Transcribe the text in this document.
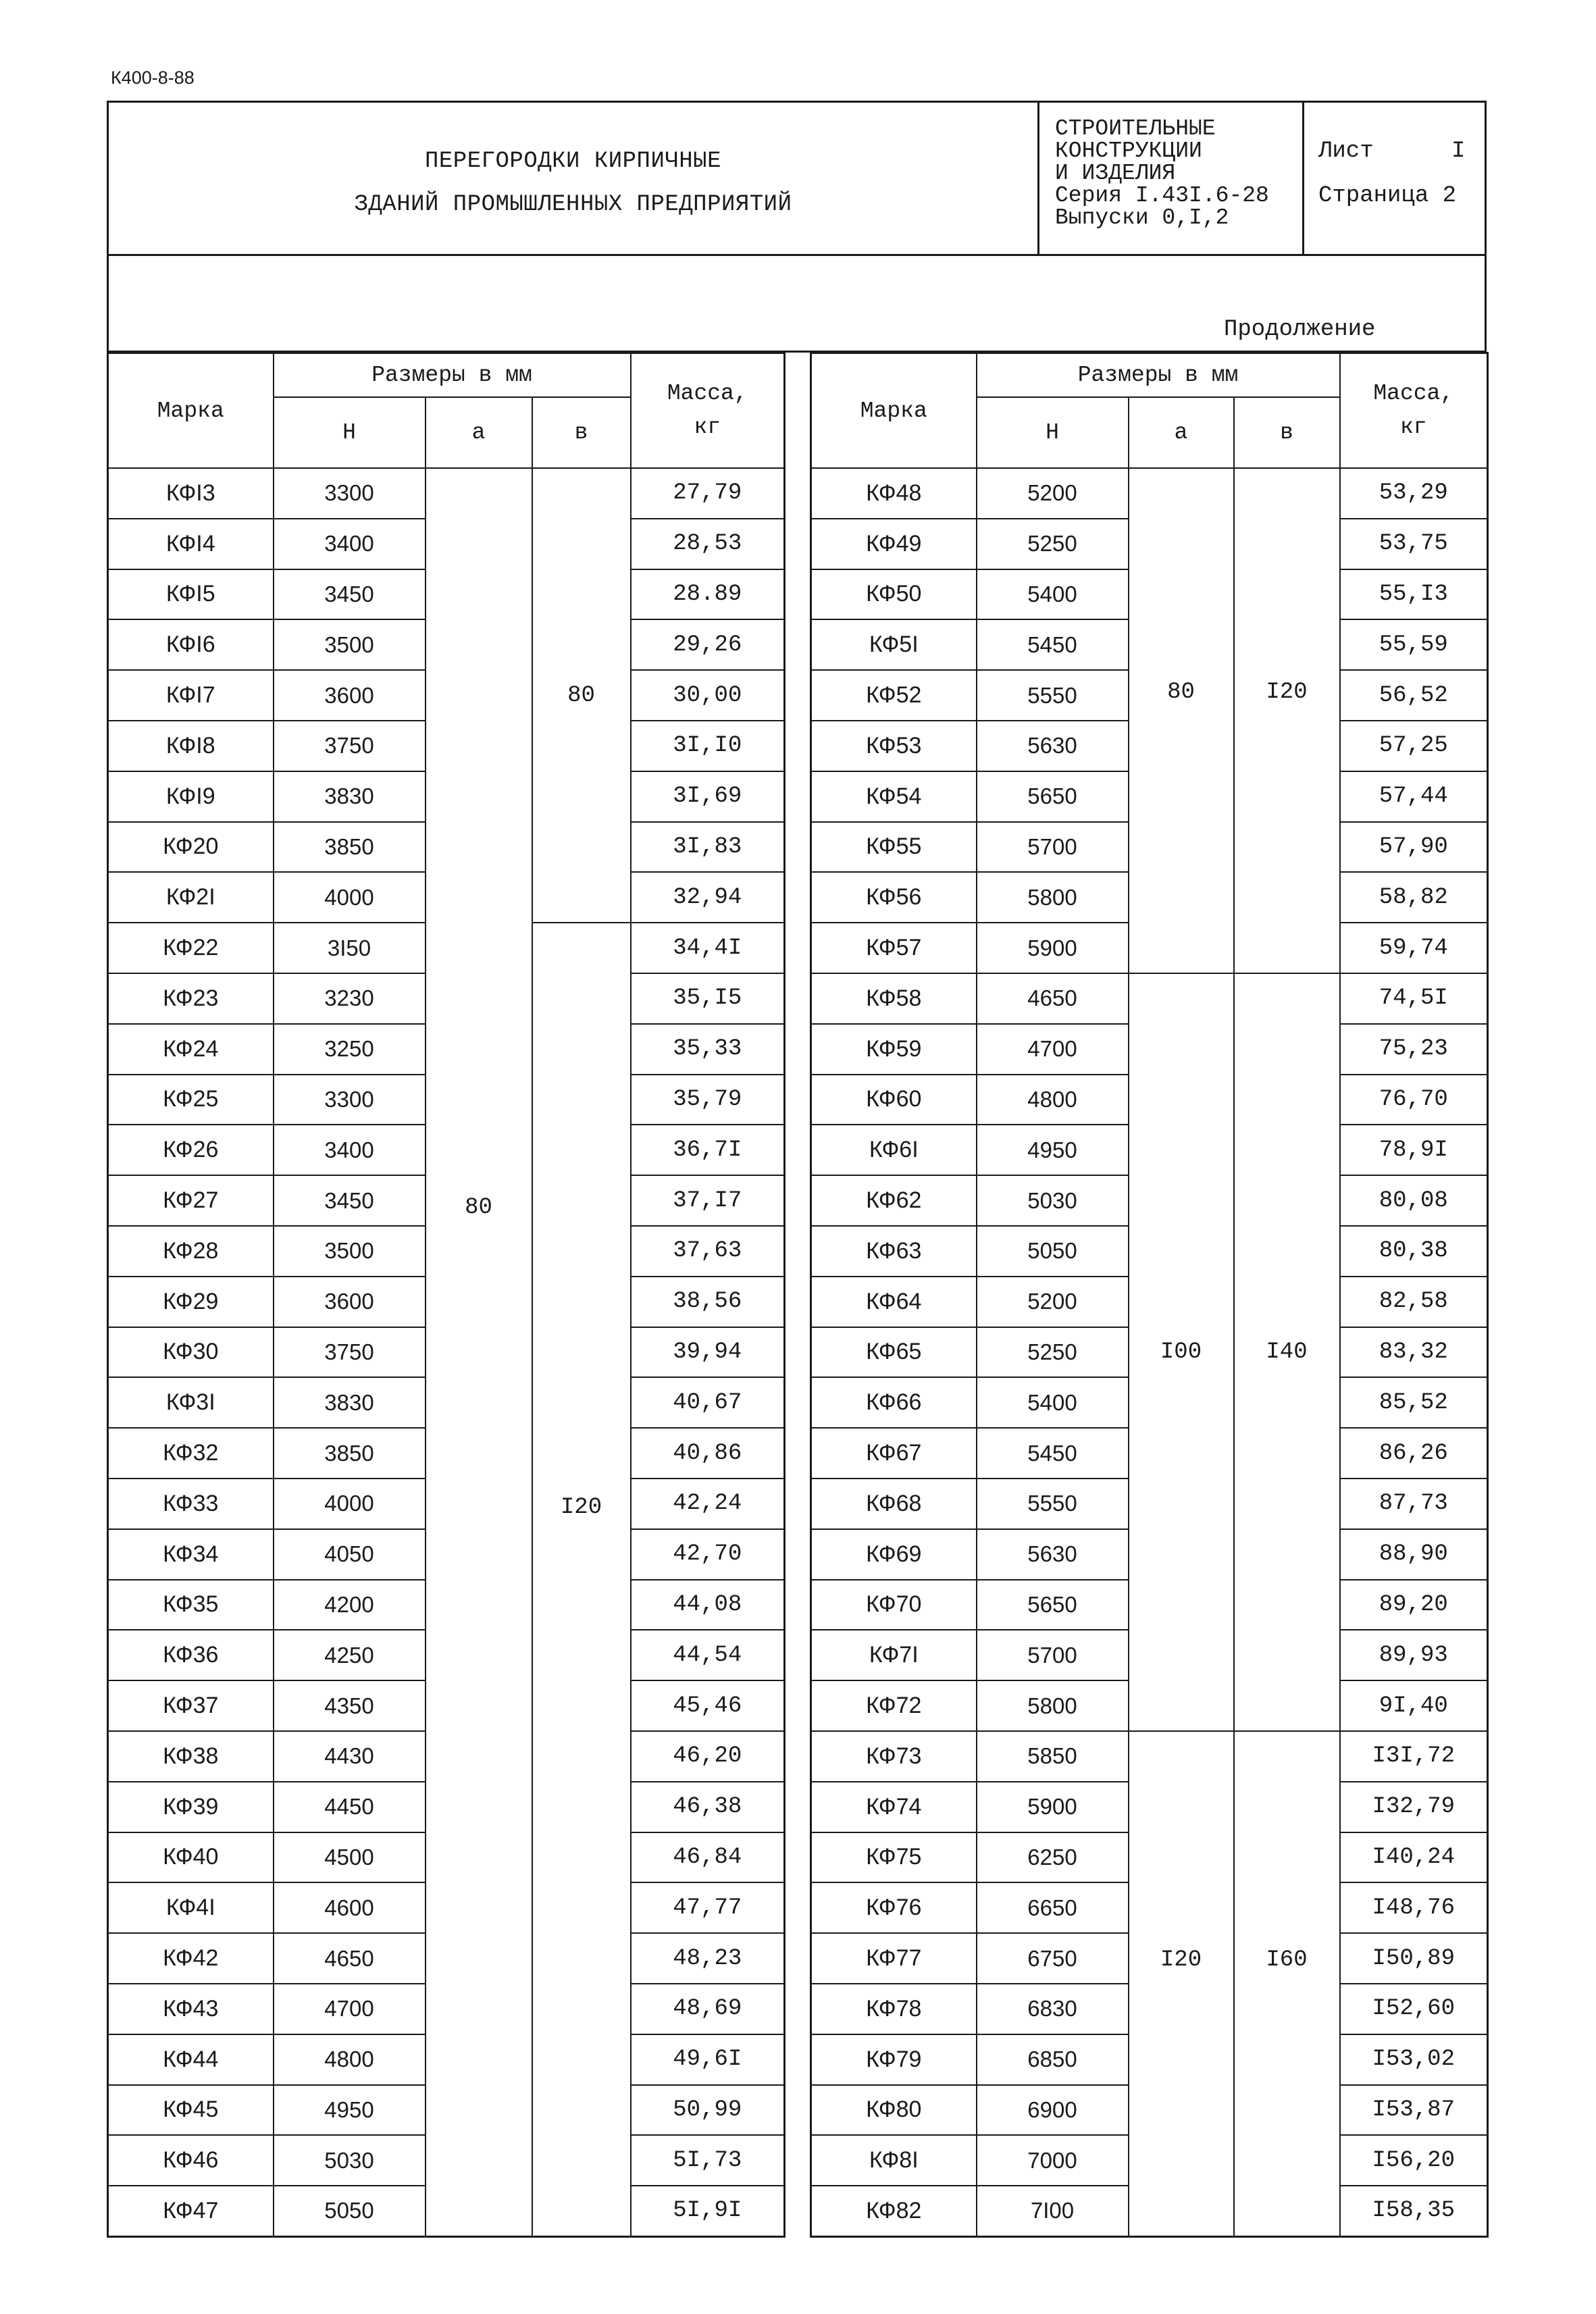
К400-8-88
ПЕРЕГОРОДКИ КИРПИЧНЫЕ
ЗДАНИЙ ПРОМЫШЛЕННЫХ ПРЕДПРИЯТИЙ
СТРОИТЕЛЬНЫЕ
КОНСТРУКЦИИ
И ИЗДЕЛИЯ
Серия I.43I.6-28
Выпуски 0,I,2
Лист	I
Страница 2
Продолжение
Марка	Размеры в мм			Масса,
кг

	Н	а	в	
КФI3	3300	80	80	27,79
КФI4	3400			28,53
КФI5	3450			28.89
КФI6	3500			29,26
КФI7	3600			30,00
КФI8	3750			3I,I0
КФI9	3830			3I,69
КФ20	3850			3I,83
КФ2I	4000			32,94
КФ22	3I50		I20	34,4I
КФ23	3230			35,I5
КФ24	3250			35,33
КФ25	3300			35,79
КФ26	3400			36,7I
КФ27	3450			37,I7
КФ28	3500			37,63
КФ29	3600			38,56
КФ30	3750			39,94
КФ3I	3830			40,67
КФ32	3850			40,86
КФ33	4000			42,24
КФ34	4050			42,70
КФ35	4200			44,08
КФ36	4250			44,54
КФ37	4350			45,46
КФ38	4430			46,20
КФ39	4450			46,38
КФ40	4500			46,84
КФ4I	4600			47,77
КФ42	4650			48,23
КФ43	4700			48,69
КФ44	4800			49,6I
КФ45	4950			50,99
КФ46	5030			5I,73
КФ47	5050			5I,9I
Марка	Размеры в мм			Масса,
кг

	Н	а	в	
КФ48	5200	80	I20	53,29
КФ49	5250			53,75
КФ50	5400			55,I3
КФ5I	5450			55,59
КФ52	5550			56,52
КФ53	5630			57,25
КФ54	5650			57,44
КФ55	5700			57,90
КФ56	5800			58,82
КФ57	5900			59,74
КФ58	4650	I00	I40	74,5I
КФ59	4700			75,23
КФ60	4800			76,70
КФ6I	4950			78,9I
КФ62	5030			80,08
КФ63	5050			80,38
КФ64	5200			82,58
КФ65	5250			83,32
КФ66	5400			85,52
КФ67	5450			86,26
КФ68	5550			87,73
КФ69	5630			88,90
КФ70	5650			89,20
КФ7I	5700			89,93
КФ72	5800			9I,40
КФ73	5850	I20	I60	I3I,72
КФ74	5900			I32,79
КФ75	6250			I40,24
КФ76	6650			I48,76
КФ77	6750			I50,89
КФ78	6830			I52,60
КФ79	6850			I53,02
КФ80	6900			I53,87
КФ8I	7000			I56,20
КФ82	7I00			I58,35
